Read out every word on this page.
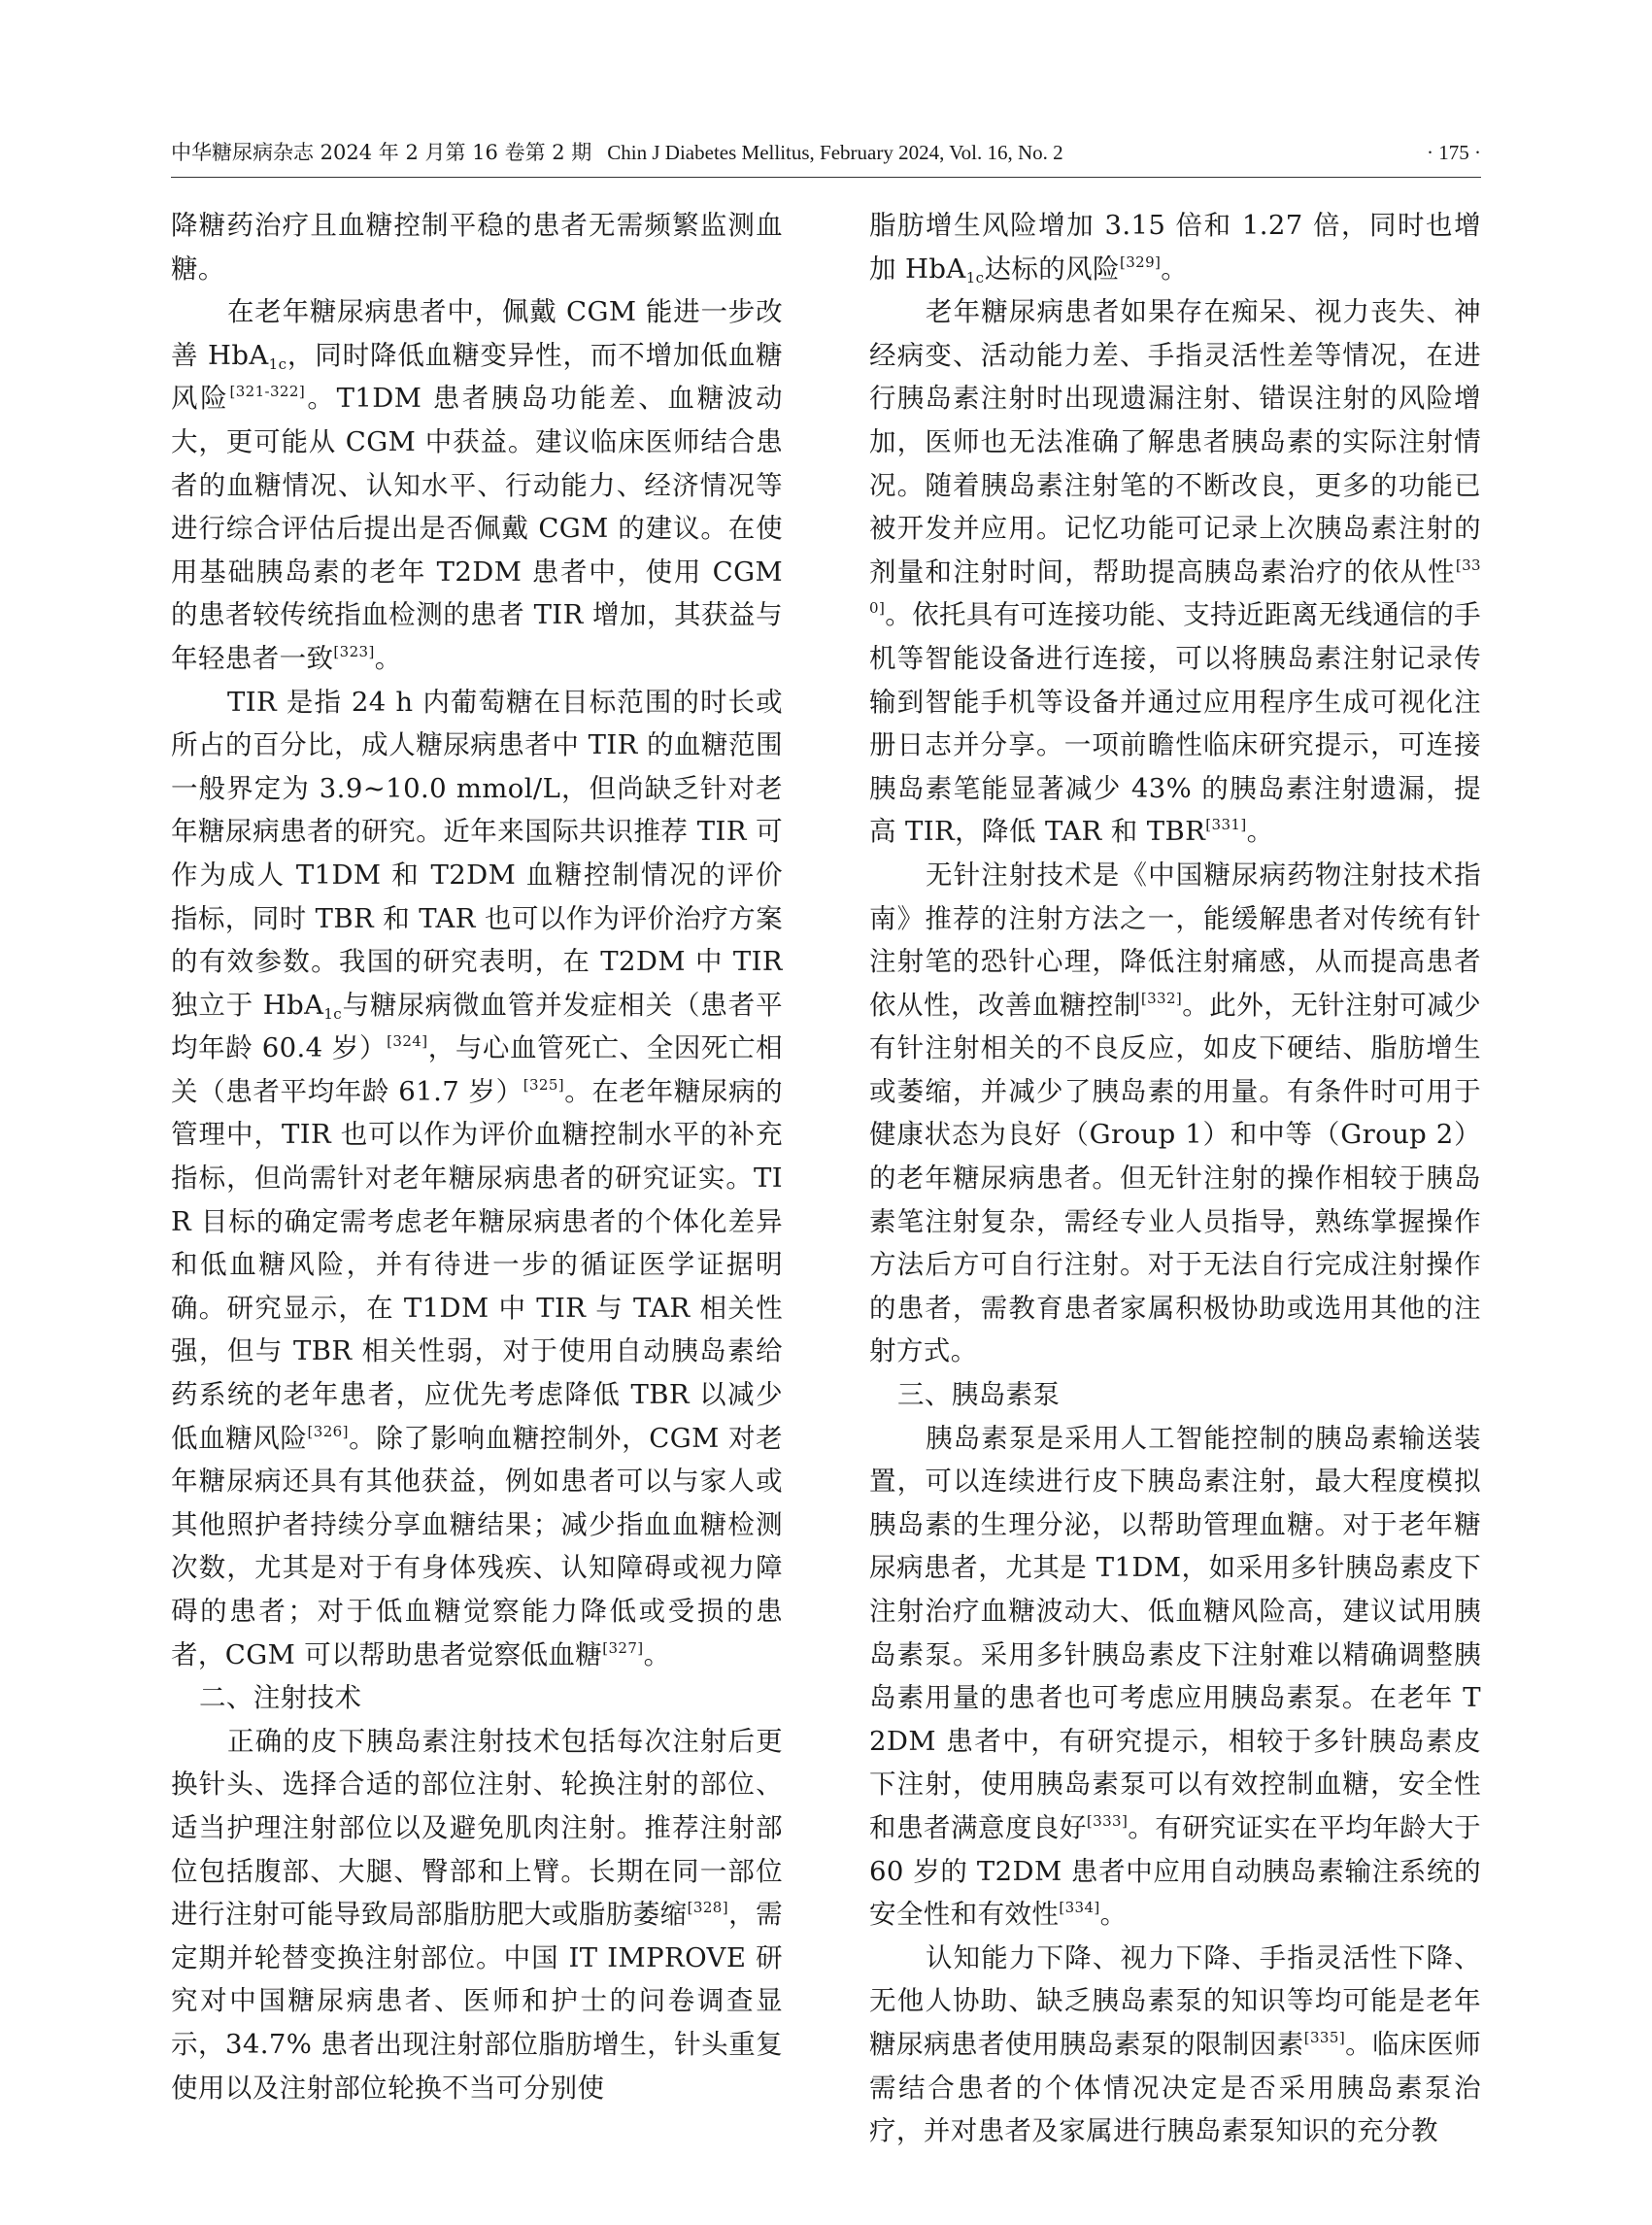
中华糖尿病杂志 2024 年 2 月第 16 卷第 2 期 Chin J Diabetes Mellitus, February 2024, Vol. 16, No. 2	· 175 ·

降糖药治疗且血糖控制平稳的患者无需频繁监测血糖。

在老年糖尿病患者中，佩戴 CGM 能进一步改善 HbA$_{1c}$，同时降低血糖变异性，而不增加低血糖风险[321-322]。T1DM 患者胰岛功能差、血糖波动大，更可能从 CGM 中获益。建议临床医师结合患者的血糖情况、认知水平、行动能力、经济情况等进行综合评估后提出是否佩戴 CGM 的建议。在使用基础胰岛素的老年 T2DM 患者中，使用 CGM 的患者较传统指血检测的患者 TIR 增加，其获益与年轻患者一致[323]。

TIR 是指 24 h 内葡萄糖在目标范围的时长或所占的百分比，成人糖尿病患者中 TIR 的血糖范围一般界定为 3.9~10.0 mmol/L，但尚缺乏针对老年糖尿病患者的研究。近年来国际共识推荐 TIR 可作为成人 T1DM 和 T2DM 血糖控制情况的评价指标，同时 TBR 和 TAR 也可以作为评价治疗方案的有效参数。我国的研究表明，在 T2DM 中 TIR 独立于 HbA$_{1c}$与糖尿病微血管并发症相关（患者平均年龄 60.4 岁）[324]，与心血管死亡、全因死亡相关（患者平均年龄 61.7 岁）[325]。在老年糖尿病的管理中，TIR 也可以作为评价血糖控制水平的补充指标，但尚需针对老年糖尿病患者的研究证实。TIR 目标的确定需考虑老年糖尿病患者的个体化差异和低血糖风险，并有待进一步的循证医学证据明确。研究显示，在 T1DM 中 TIR 与 TAR 相关性强，但与 TBR 相关性弱，对于使用自动胰岛素给药系统的老年患者，应优先考虑降低 TBR 以减少低血糖风险[326]。除了影响血糖控制外，CGM 对老年糖尿病还具有其他获益，例如患者可以与家人或其他照护者持续分享血糖结果；减少指血血糖检测次数，尤其是对于有身体残疾、认知障碍或视力障碍的患者；对于低血糖觉察能力降低或受损的患者，CGM 可以帮助患者觉察低血糖[327]。

二、注射技术

正确的皮下胰岛素注射技术包括每次注射后更换针头、选择合适的部位注射、轮换注射的部位、适当护理注射部位以及避免肌肉注射。推荐注射部位包括腹部、大腿、臀部和上臂。长期在同一部位进行注射可能导致局部脂肪肥大或脂肪萎缩[328]，需定期并轮替变换注射部位。中国 IT IMPROVE 研究对中国糖尿病患者、医师和护士的问卷调查显示，34.7% 患者出现注射部位脂肪增生，针头重复使用以及注射部位轮换不当可分别使

脂肪增生风险增加 3.15 倍和 1.27 倍，同时也增加 HbA$_{1c}$达标的风险[329]。

老年糖尿病患者如果存在痴呆、视力丧失、神经病变、活动能力差、手指灵活性差等情况，在进行胰岛素注射时出现遗漏注射、错误注射的风险增加，医师也无法准确了解患者胰岛素的实际注射情况。随着胰岛素注射笔的不断改良，更多的功能已被开发并应用。记忆功能可记录上次胰岛素注射的剂量和注射时间，帮助提高胰岛素治疗的依从性[330]。依托具有可连接功能、支持近距离无线通信的手机等智能设备进行连接，可以将胰岛素注射记录传输到智能手机等设备并通过应用程序生成可视化注册日志并分享。一项前瞻性临床研究提示，可连接胰岛素笔能显著减少 43% 的胰岛素注射遗漏，提高 TIR，降低 TAR 和 TBR[331]。

无针注射技术是《中国糖尿病药物注射技术指南》推荐的注射方法之一，能缓解患者对传统有针注射笔的恐针心理，降低注射痛感，从而提高患者依从性，改善血糖控制[332]。此外，无针注射可减少有针注射相关的不良反应，如皮下硬结、脂肪增生或萎缩，并减少了胰岛素的用量。有条件时可用于健康状态为良好（Group 1）和中等（Group 2）的老年糖尿病患者。但无针注射的操作相较于胰岛素笔注射复杂，需经专业人员指导，熟练掌握操作方法后方可自行注射。对于无法自行完成注射操作的患者，需教育患者家属积极协助或选用其他的注射方式。

三、胰岛素泵

胰岛素泵是采用人工智能控制的胰岛素输送装置，可以连续进行皮下胰岛素注射，最大程度模拟胰岛素的生理分泌，以帮助管理血糖。对于老年糖尿病患者，尤其是 T1DM，如采用多针胰岛素皮下注射治疗血糖波动大、低血糖风险高，建议试用胰岛素泵。采用多针胰岛素皮下注射难以精确调整胰岛素用量的患者也可考虑应用胰岛素泵。在老年 T2DM 患者中，有研究提示，相较于多针胰岛素皮下注射，使用胰岛素泵可以有效控制血糖，安全性和患者满意度良好[333]。有研究证实在平均年龄大于 60 岁的 T2DM 患者中应用自动胰岛素输注系统的安全性和有效性[334]。

认知能力下降、视力下降、手指灵活性下降、无他人协助、缺乏胰岛素泵的知识等均可能是老年糖尿病患者使用胰岛素泵的限制因素[335]。临床医师需结合患者的个体情况决定是否采用胰岛素泵治疗，并对患者及家属进行胰岛素泵知识的充分教
